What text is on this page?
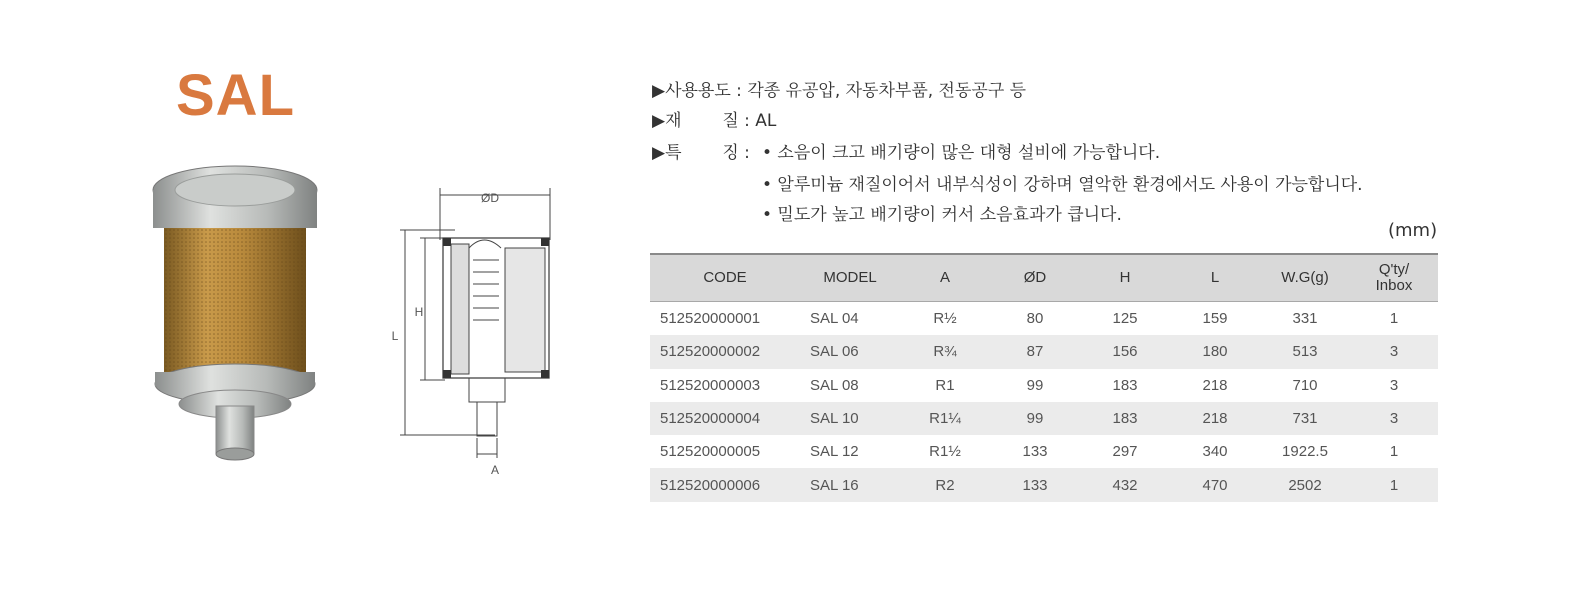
SAL
ØD
H
L
A
▶사용용도 : 각종 유공압, 자동차부품, 전동공구 등
▶재 질 : AL
▶특 징 : • 소음이 크고 배기량이 많은 대형 설비에 가능합니다.
• 알루미늄 재질이어서 내부식성이 강하며 열악한 환경에서도 사용이 가능합니다.
• 밀도가 높고 배기량이 커서 소음효과가 큽니다.
(mm)
CODE	MODEL	A	ØD	H	L	W.G(g)	Q'ty/
Inbox
512520000001	SAL 04	R½	80	125	159	331	1
512520000002	SAL 06	R¾	87	156	180	513	3
512520000003	SAL 08	R1	99	183	218	710	3
512520000004	SAL 10	R1¼	99	183	218	731	3
512520000005	SAL 12	R1½	133	297	340	1922.5	1
512520000006	SAL 16	R2	133	432	470	2502	1
